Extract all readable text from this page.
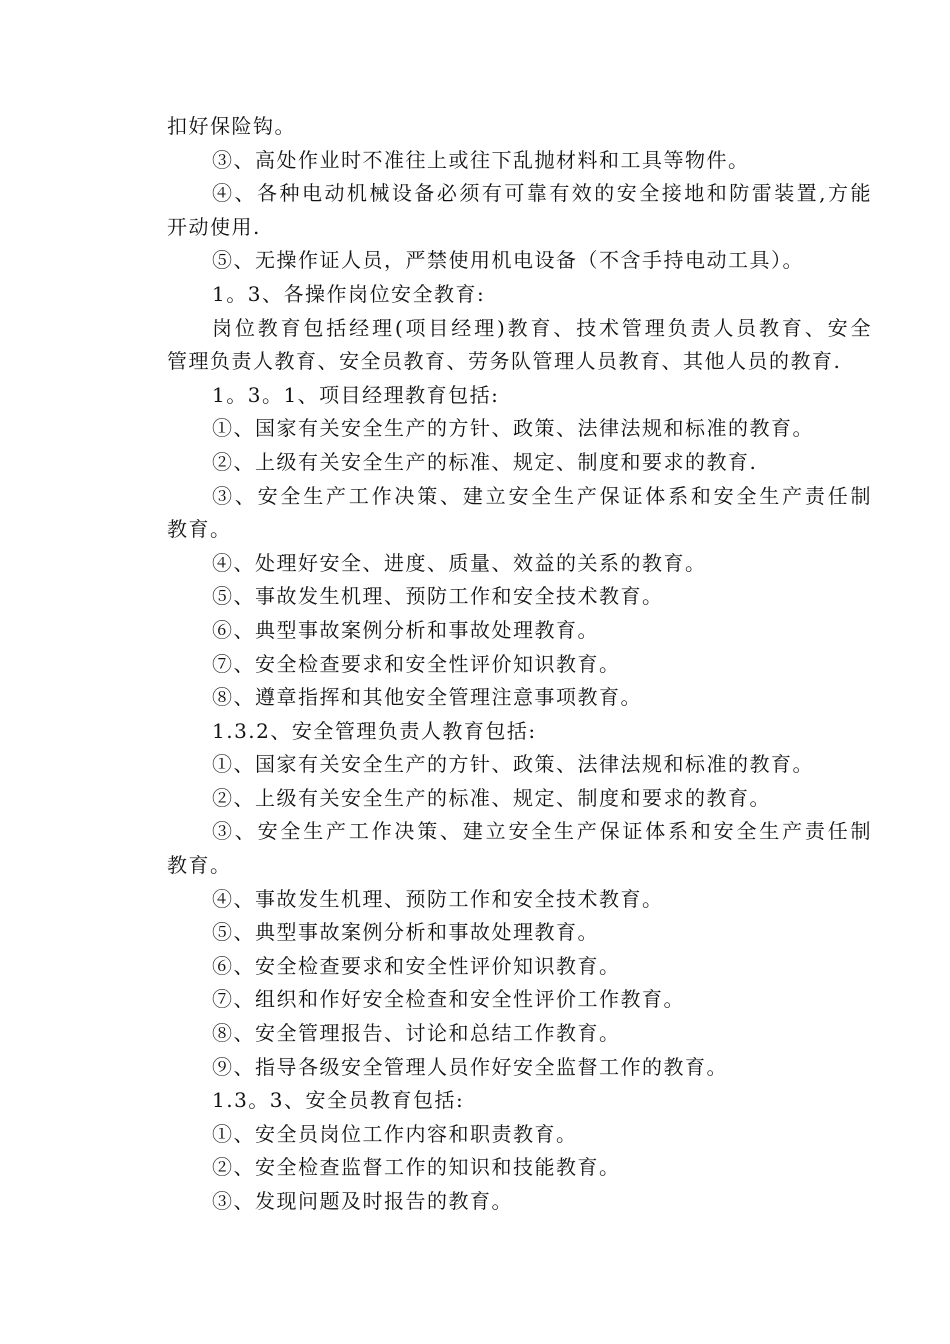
扣好保险钩。
③、高处作业时不准往上或往下乱抛材料和工具等物件。
④、各种电动机械设备必须有可靠有效的安全接地和防雷装置,方能
开动使用.
⑤、无操作证人员，严禁使用机电设备（不含手持电动工具）。
1。3、各操作岗位安全教育:
岗位教育包括经理(项目经理)教育、技术管理负责人员教育、安全
管理负责人教育、安全员教育、劳务队管理人员教育、其他人员的教育.
1。3。1、项目经理教育包括:
①、国家有关安全生产的方针、政策、法律法规和标准的教育。
②、上级有关安全生产的标准、规定、制度和要求的教育.
③、安全生产工作决策、建立安全生产保证体系和安全生产责任制
教育。
④、处理好安全、进度、质量、效益的关系的教育。
⑤、事故发生机理、预防工作和安全技术教育。
⑥、典型事故案例分析和事故处理教育。
⑦、安全检查要求和安全性评价知识教育。
⑧、遵章指挥和其他安全管理注意事项教育。
1.3.2、安全管理负责人教育包括:
①、国家有关安全生产的方针、政策、法律法规和标准的教育。
②、上级有关安全生产的标准、规定、制度和要求的教育。
③、安全生产工作决策、建立安全生产保证体系和安全生产责任制
教育。
④、事故发生机理、预防工作和安全技术教育。
⑤、典型事故案例分析和事故处理教育。
⑥、安全检查要求和安全性评价知识教育。
⑦、组织和作好安全检查和安全性评价工作教育。
⑧、安全管理报告、讨论和总结工作教育。
⑨、指导各级安全管理人员作好安全监督工作的教育。
1.3。3、安全员教育包括:
①、安全员岗位工作内容和职责教育。
②、安全检查监督工作的知识和技能教育。
③、发现问题及时报告的教育。
